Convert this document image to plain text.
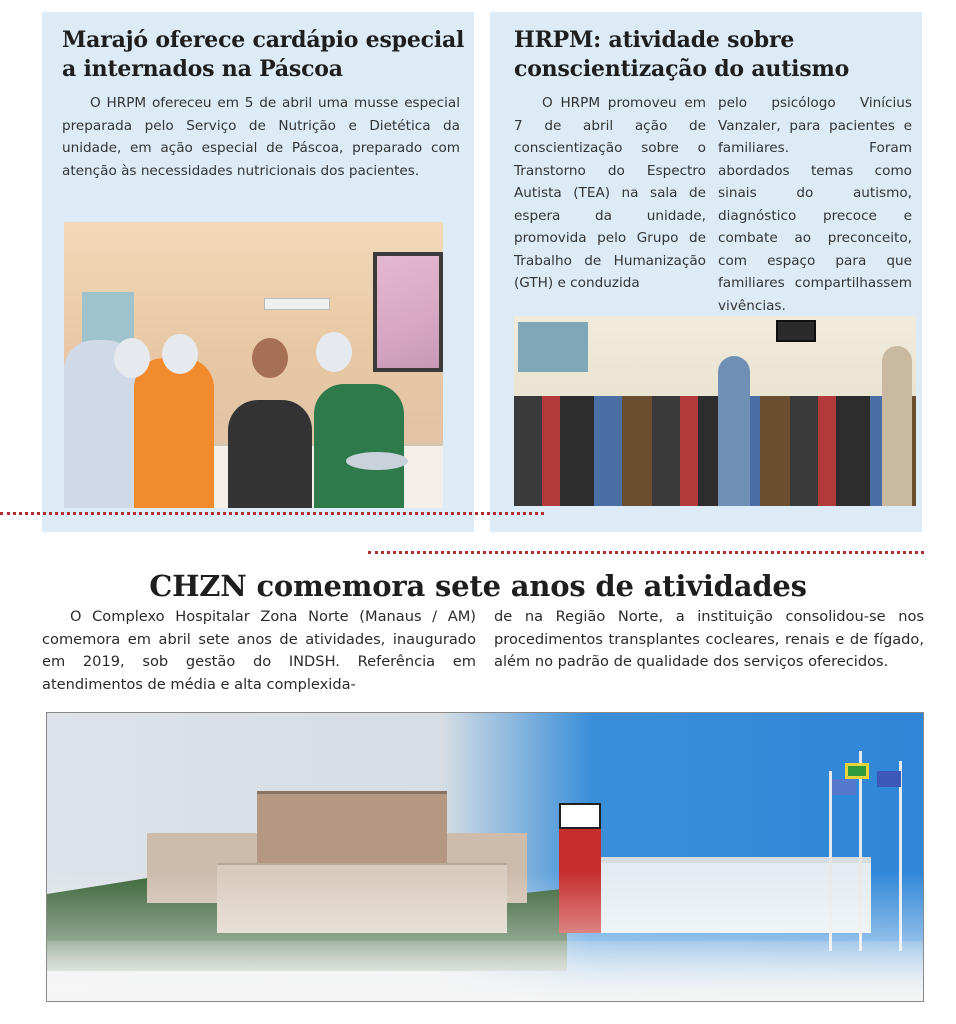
Marajó oferece cardápio especial a internados na Páscoa

O HRPM ofereceu em 5 de abril uma musse especial preparada pelo Serviço de Nutrição e Dietética da unidade, em ação especial de Páscoa, preparado com atenção às necessidades nutricionais dos pacientes.

HRPM: atividade sobre conscientização do autismo

O HRPM promoveu em 7 de abril ação de conscientização sobre o Transtorno do Espectro Autista (TEA) na sala de espera da unidade, promovida pelo Grupo de Trabalho de Humanização (GTH) e conduzida

pelo psicólogo Vinícius Vanzaler, para pacientes e familiares. Foram abordados temas como sinais do autismo, diagnóstico precoce e combate ao preconceito, com espaço para que familiares compartilhassem vivências.

CHZN comemora sete anos de atividades

O Complexo Hospitalar Zona Norte (Manaus / AM) comemora em abril sete anos de atividades, inaugurado em 2019, sob gestão do INDSH. Referência em atendimentos de média e alta complexida-

de na Região Norte, a instituição consolidou-se nos procedimentos transplantes cocleares, renais e de fígado, além no padrão de qualidade dos serviços oferecidos.
